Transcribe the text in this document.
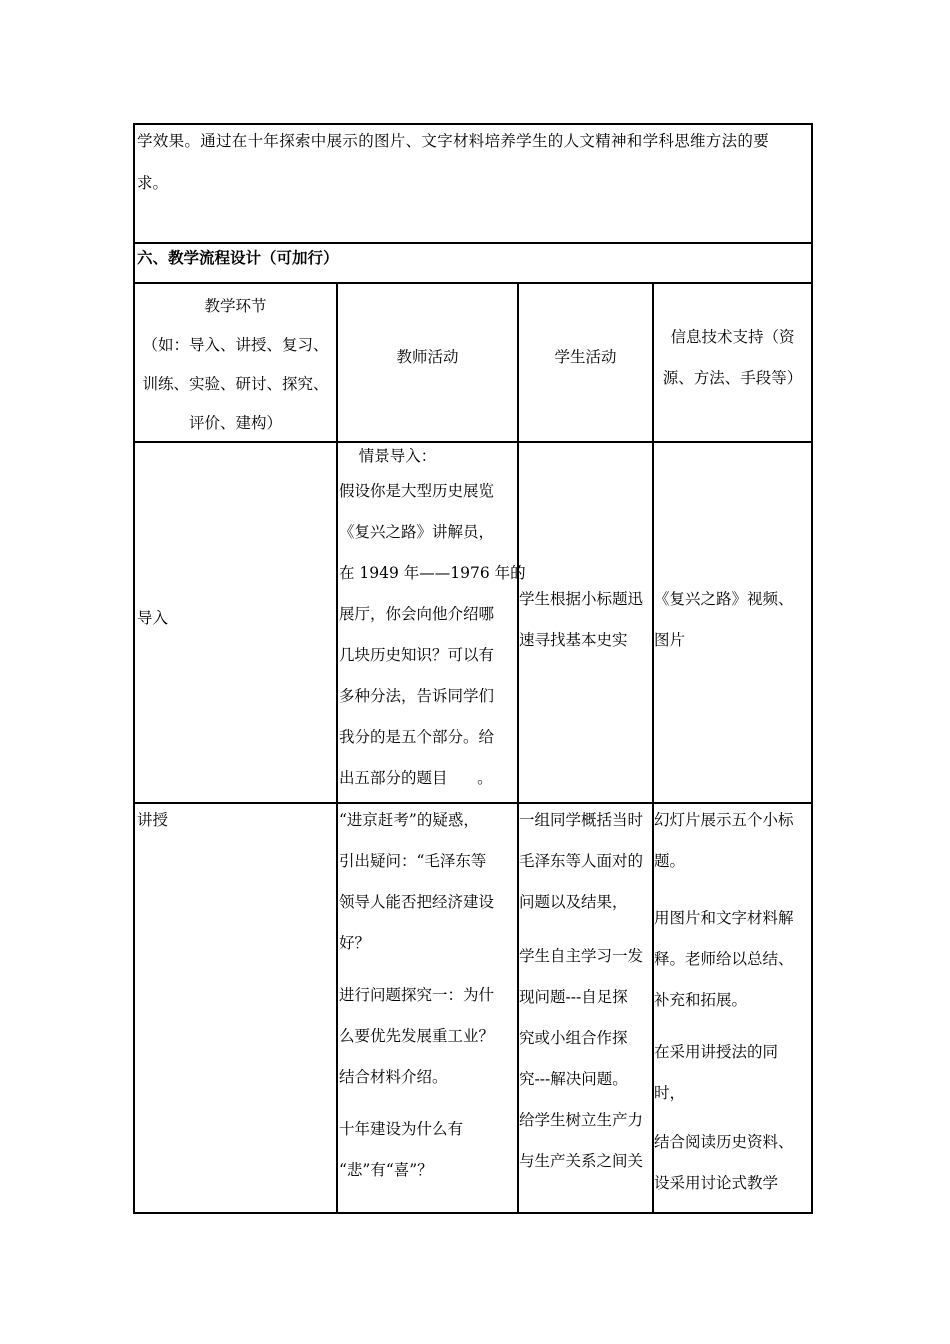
学效果。通过在十年探索中展示的图片、文字材料培养学生的人文精神和学科思维方法的要
求。
六、教学流程设计（可加行）
教学环节
（如：导入、讲授、复习、
训练、实验、研讨、探究、
评价、建构）
教师活动	学生活动
信息技术支持（资
源、方法、手段等）
导入
情景导入：
假设你是大型历史展览
《复兴之路》讲解员，
在 1949 年——1976 年的
展厅，你会向他介绍哪
几块历史知识？可以有
多种分法，告诉同学们
我分的是五个部分。给
出五部分的题目      。
学生根据小标题迅
速寻找基本史实
《复兴之路》视频、
图片
讲授	“进京赶考”的疑惑，
引出疑问：“毛泽东等
领导人能否把经济建设
好？
进行问题探究一：为什
么要优先发展重工业？
结合材料介绍。
十年建设为什么有
“悲”有“喜”？
一组同学概括当时
毛泽东等人面对的
问题以及结果，
学生自主学习一发
现问题---自足探
究或小组合作探
究---解决问题。
给学生树立生产力
与生产关系之间关
幻灯片展示五个小标
题。
用图片和文字材料解
释。老师给以总结、
补充和拓展。
在采用讲授法的同
时，
结合阅读历史资料、
设采用讨论式教学
